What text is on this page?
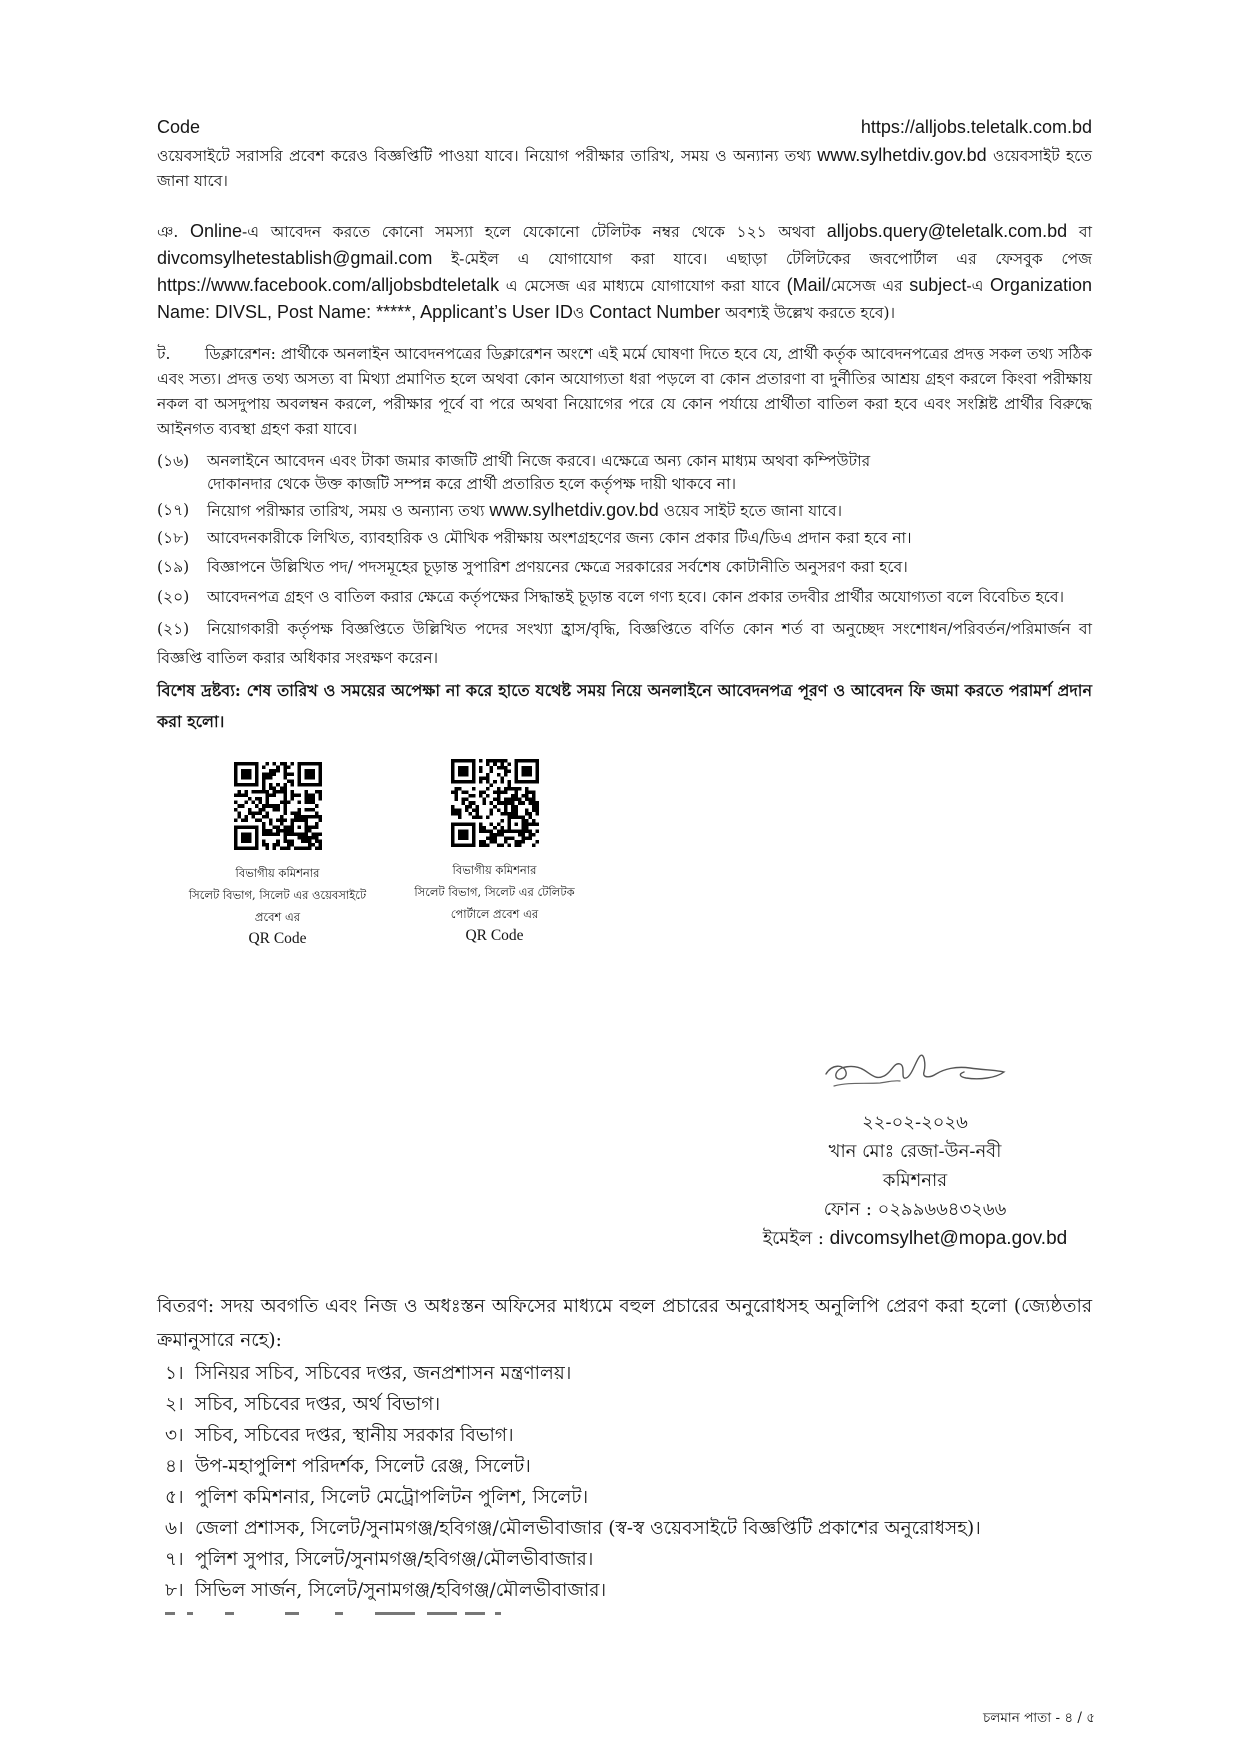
Code	https://alljobs.teletalk.com.bd

ওয়েবসাইটে সরাসরি প্রবেশ করেও বিজ্ঞপ্তিটি পাওয়া যাবে। নিয়োগ পরীক্ষার তারিখ, সময় ও অন্যান্য তথ্য www.sylhetdiv.gov.bd ওয়েবসাইট হতে জানা যাবে।

ঞ. Online-এ আবেদন করতে কোনো সমস্যা হলে যেকোনো টেলিটক নম্বর থেকে ১২১ অথবা alljobs.query@teletalk.com.bd বা divcomsylhetestablish@gmail.com ই-মেইল এ যোগাযোগ করা যাবে। এছাড়া টেলিটকের জবপোর্টাল এর ফেসবুক পেজ https://www.facebook.com/alljobsbdteletalk এ মেসেজ এর মাধ্যমে যোগাযোগ করা যাবে (Mail/মেসেজ এর subject-এ Organization Name: DIVSL, Post Name: *****, Applicant’s User IDও Contact Number অবশ্যই উল্লেখ করতে হবে)।

ট. ডিক্লারেশন: প্রার্থীকে অনলাইন আবেদনপত্রের ডিক্লারেশন অংশে এই মর্মে ঘোষণা দিতে হবে যে, প্রার্থী কর্তৃক আবেদনপত্রের প্রদত্ত সকল তথ্য সঠিক এবং সত্য। প্রদত্ত তথ্য অসত্য বা মিথ্যা প্রমাণিত হলে অথবা কোন অযোগ্যতা ধরা পড়লে বা কোন প্রতারণা বা দুর্নীতির আশ্রয় গ্রহণ করলে কিংবা পরীক্ষায় নকল বা অসদুপায় অবলম্বন করলে, পরীক্ষার পূর্বে বা পরে অথবা নিয়োগের পরে যে কোন পর্যায়ে প্রার্থীতা বাতিল করা হবে এবং সংশ্লিষ্ট প্রার্থীর বিরুদ্ধে আইনগত ব্যবস্থা গ্রহণ করা যাবে।

(১৬)	অনলাইনে আবেদন এবং টাকা জমার কাজটি প্রার্থী নিজে করবে। এক্ষেত্রে অন্য কোন মাধ্যম অথবা কম্পিউটার
দোকানদার থেকে উক্ত কাজটি সম্পন্ন করে প্রার্থী প্রতারিত হলে কর্তৃপক্ষ দায়ী থাকবে না।
(১৭)	নিয়োগ পরীক্ষার তারিখ, সময় ও অন্যান্য তথ্য www.sylhetdiv.gov.bd ওয়েব সাইট হতে জানা যাবে।
(১৮)	আবেদনকারীকে লিখিত, ব্যাবহারিক ও মৌখিক পরীক্ষায় অংশগ্রহণের জন্য কোন প্রকার টিএ/ডিএ প্রদান করা হবে না।
(১৯)	বিজ্ঞাপনে উল্লিখিত পদ/ পদসমূহের চূড়ান্ত সুপারিশ প্রণয়নের ক্ষেত্রে সরকারের সর্বশেষ কোটানীতি অনুসরণ করা হবে।
(২০)	আবেদনপত্র গ্রহণ ও বাতিল করার ক্ষেত্রে কর্তৃপক্ষের সিদ্ধান্তই চূড়ান্ত বলে গণ্য হবে। কোন প্রকার তদবীর প্রার্থীর অযোগ্যতা বলে বিবেচিত হবে।

(২১) নিয়োগকারী কর্তৃপক্ষ বিজ্ঞপ্তিতে উল্লিখিত পদের সংখ্যা হ্রাস/বৃদ্ধি, বিজ্ঞপ্তিতে বর্ণিত কোন শর্ত বা অনুচ্ছেদ সংশোধন/পরিবর্তন/পরিমার্জন বা বিজ্ঞপ্তি বাতিল করার অধিকার সংরক্ষণ করেন।

বিশেষ দ্রষ্টব্য: শেষ তারিখ ও সময়ের অপেক্ষা না করে হাতে যথেষ্ট সময় নিয়ে অনলাইনে আবেদনপত্র পূরণ ও আবেদন ফি জমা করতে পরামর্শ প্রদান করা হলো।

বিভাগীয় কমিশনার
সিলেট বিভাগ, সিলেট এর ওয়েবসাইটে
প্রবেশ এর
QR Code
বিভাগীয় কমিশনার
সিলেট বিভাগ, সিলেট এর টেলিটক
পোর্টালে প্রবেশ এর
QR Code
২২-০২-২০২৬
খান মোঃ রেজা-উন-নবী
কমিশনার
ফোন : ০২৯৯৬৬৪৩২৬৬
ইমেইল : divcomsylhet@mopa.gov.bd
বিতরণ: সদয় অবগতি এবং নিজ ও অধঃস্তন অফিসের মাধ্যমে বহুল প্রচারের অনুরোধসহ অনুলিপি প্রেরণ করা হলো (জ্যেষ্ঠতার ক্রমানুসারে নহে):
১। সিনিয়র সচিব, সচিবের দপ্তর, জনপ্রশাসন মন্ত্রণালয়।
২। সচিব, সচিবের দপ্তর, অর্থ বিভাগ।
৩। সচিব, সচিবের দপ্তর, স্থানীয় সরকার বিভাগ।
৪। উপ-মহাপুলিশ পরিদর্শক, সিলেট রেঞ্জ, সিলেট।
৫। পুলিশ কমিশনার, সিলেট মেট্রোপলিটন পুলিশ, সিলেট।
৬। জেলা প্রশাসক, সিলেট/সুনামগঞ্জ/হবিগঞ্জ/মৌলভীবাজার (স্ব-স্ব ওয়েবসাইটে বিজ্ঞপ্তিটি প্রকাশের অনুরোধসহ)।
৭। পুলিশ সুপার, সিলেট/সুনামগঞ্জ/হবিগঞ্জ/মৌলভীবাজার।
৮। সিভিল সার্জন, সিলেট/সুনামগঞ্জ/হবিগঞ্জ/মৌলভীবাজার।
চলমান পাতা - ৪ / ৫
